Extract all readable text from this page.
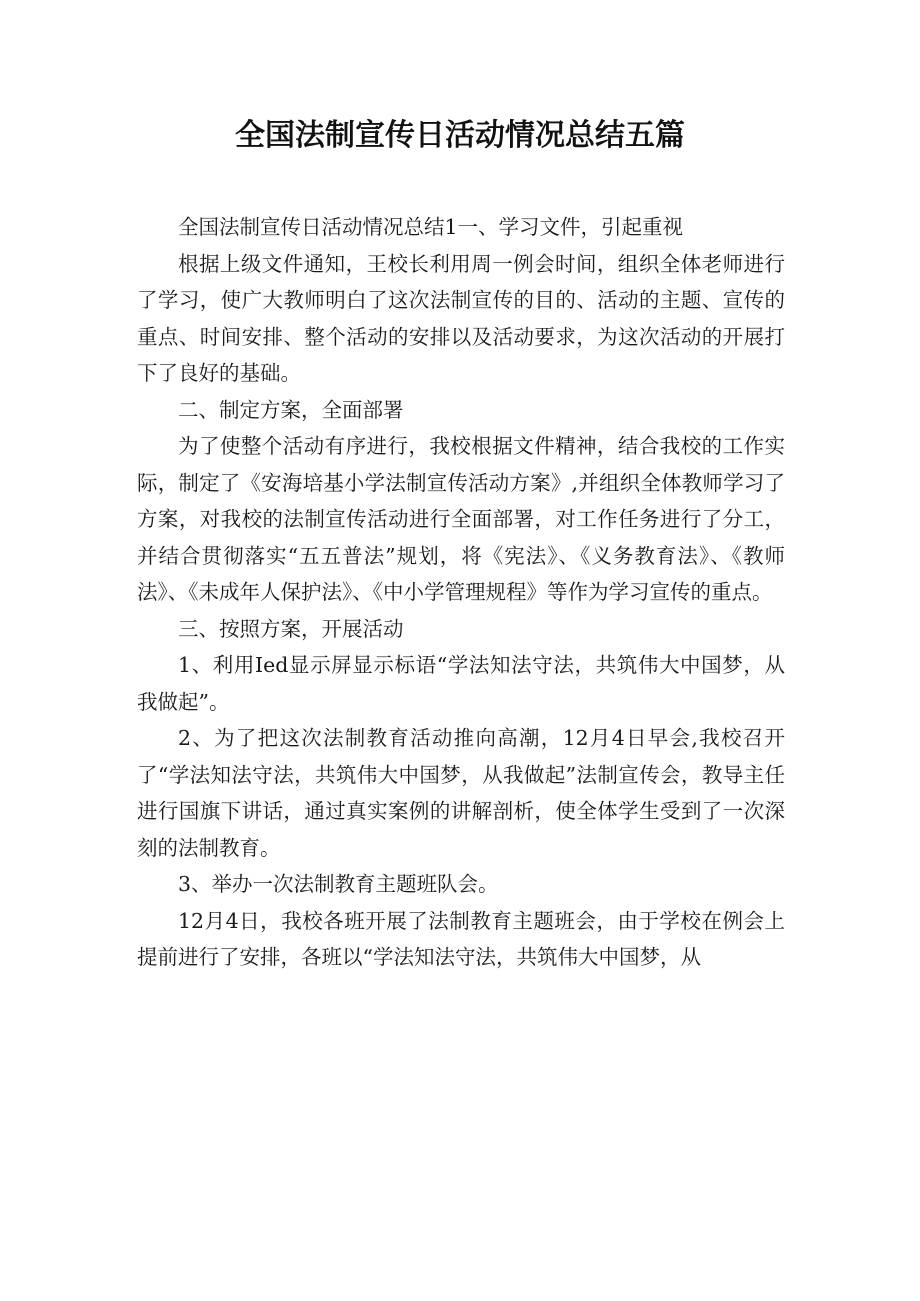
全国法制宣传日活动情况总结五篇

全国法制宣传日活动情况总结1一、学习文件，引起重视

根据上级文件通知，王校长利用周一例会时间，组织全体老师进行了学习，使广大教师明白了这次法制宣传的目的、活动的主题、宣传的重点、时间安排、整个活动的安排以及活动要求，为这次活动的开展打下了良好的基础。

二、制定方案，全面部署

为了使整个活动有序进行，我校根据文件精神，结合我校的工作实际，制定了《安海培基小学法制宣传活动方案》,并组织全体教师学习了方案，对我校的法制宣传活动进行全面部署，对工作任务进行了分工，并结合贯彻落实“五五普法”规划，将《宪法》、《义务教育法》、《教师法》、《未成年人保护法》、《中小学管理规程》等作为学习宣传的重点。

三、按照方案，开展活动

1、利用Ied显示屏显示标语“学法知法守法，共筑伟大中国梦，从我做起”。

2、为了把这次法制教育活动推向高潮，12月4日早会,我校召开了“学法知法守法，共筑伟大中国梦，从我做起”法制宣传会，教导主任进行国旗下讲话，通过真实案例的讲解剖析，使全体学生受到了一次深刻的法制教育。

3、举办一次法制教育主题班队会。

12月4日，我校各班开展了法制教育主题班会，由于学校在例会上提前进行了安排，各班以“学法知法守法，共筑伟大中国梦，从
